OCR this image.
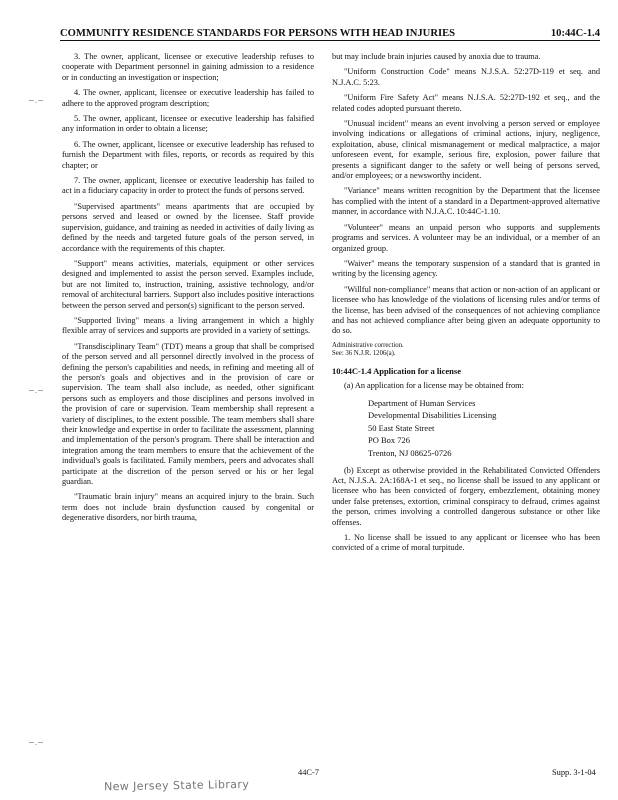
COMMUNITY RESIDENCE STANDARDS FOR PERSONS WITH HEAD INJURIES	10:44C-1.4

3. The owner, applicant, licensee or executive leadership refuses to cooperate with Department personnel in gaining admission to a residence or in conducting an investigation or inspection;

4. The owner, applicant, licensee or executive leadership has failed to adhere to the approved program description;

5. The owner, applicant, licensee or executive leadership has falsified any information in order to obtain a license;

6. The owner, applicant, licensee or executive leadership has refused to furnish the Department with files, reports, or records as required by this chapter; or

7. The owner, applicant, licensee or executive leadership has failed to act in a fiduciary capacity in order to protect the funds of persons served.

"Supervised apartments" means apartments that are occupied by persons served and leased or owned by the licensee. Staff provide supervision, guidance, and training as needed in activities of daily living as defined by the needs and targeted future goals of the person served, in accordance with the requirements of this chapter.

"Support" means activities, materials, equipment or other services designed and implemented to assist the person served. Examples include, but are not limited to, instruction, training, assistive technology, and/or removal of architectural barriers. Support also includes positive interactions between the person served and person(s) significant to the person served.

"Supported living" means a living arrangement in which a highly flexible array of services and supports are provided in a variety of settings.

"Transdisciplinary Team" (TDT) means a group that shall be comprised of the person served and all personnel directly involved in the process of defining the person's capabilities and needs, in refining and meeting all of the person's goals and objectives and in the provision of care or supervision. The team shall also include, as needed, other significant persons such as employers and those disciplines and persons involved in the provision of care or supervision. Team membership shall represent a variety of disciplines, to the extent possible. The team members shall share their knowledge and expertise in order to facilitate the assessment, planning and implementation of the person's program. There shall be interaction and integration among the team members to ensure that the achievement of the individual's goals is facilitated. Family members, peers and advocates shall participate at the discretion of the person served or his or her legal guardian.

"Traumatic brain injury" means an acquired injury to the brain. Such term does not include brain dysfunction caused by congenital or degenerative disorders, nor birth trauma,

but may include brain injuries caused by anoxia due to trauma.

"Uniform Construction Code" means N.J.S.A. 52:27D-119 et seq. and N.J.A.C. 5:23.

"Uniform Fire Safety Act" means N.J.S.A. 52:27D-192 et seq., and the related codes adopted pursuant thereto.

"Unusual incident" means an event involving a person served or employee involving indications or allegations of criminal actions, injury, negligence, exploitation, abuse, clinical mismanagement or medical malpractice, a major unforeseen event, for example, serious fire, explosion, power failure that presents a significant danger to the safety or well being of persons served, and/or employees; or a newsworthy incident.

"Variance" means written recognition by the Department that the licensee has complied with the intent of a standard in a Department-approved alternative manner, in accordance with N.J.A.C. 10:44C-1.10.

"Volunteer" means an unpaid person who supports and supplements programs and services. A volunteer may be an individual, or a member of an organized group.

"Waiver" means the temporary suspension of a standard that is granted in writing by the licensing agency.

"Willful non-compliance" means that action or non-action of an applicant or licensee who has knowledge of the violations of licensing rules and/or terms of the license, has been advised of the consequences of not achieving compliance and has not achieved compliance after being given an adequate opportunity to do so.

Administrative correction.

See: 36 N.J.R. 1206(a).

10:44C-1.4 Application for a license

(a) An application for a license may be obtained from:

Department of Human Services
Developmental Disabilities Licensing
50 East State Street
PO Box 726
Trenton, NJ 08625-0726

(b) Except as otherwise provided in the Rehabilitated Convicted Offenders Act, N.J.S.A. 2A:168A-1 et seq., no license shall be issued to any applicant or licensee who has been convicted of forgery, embezzlement, obtaining money under false pretenses, extortion, criminal conspiracy to defraud, crimes against the person, crimes involving a controlled dangerous substance or other like offenses.

1. No license shall be issued to any applicant or licensee who has been convicted of a crime of moral turpitude.

~.~
~.~
~.~
44C-7	Supp. 3-1-04
New Jersey State Library
